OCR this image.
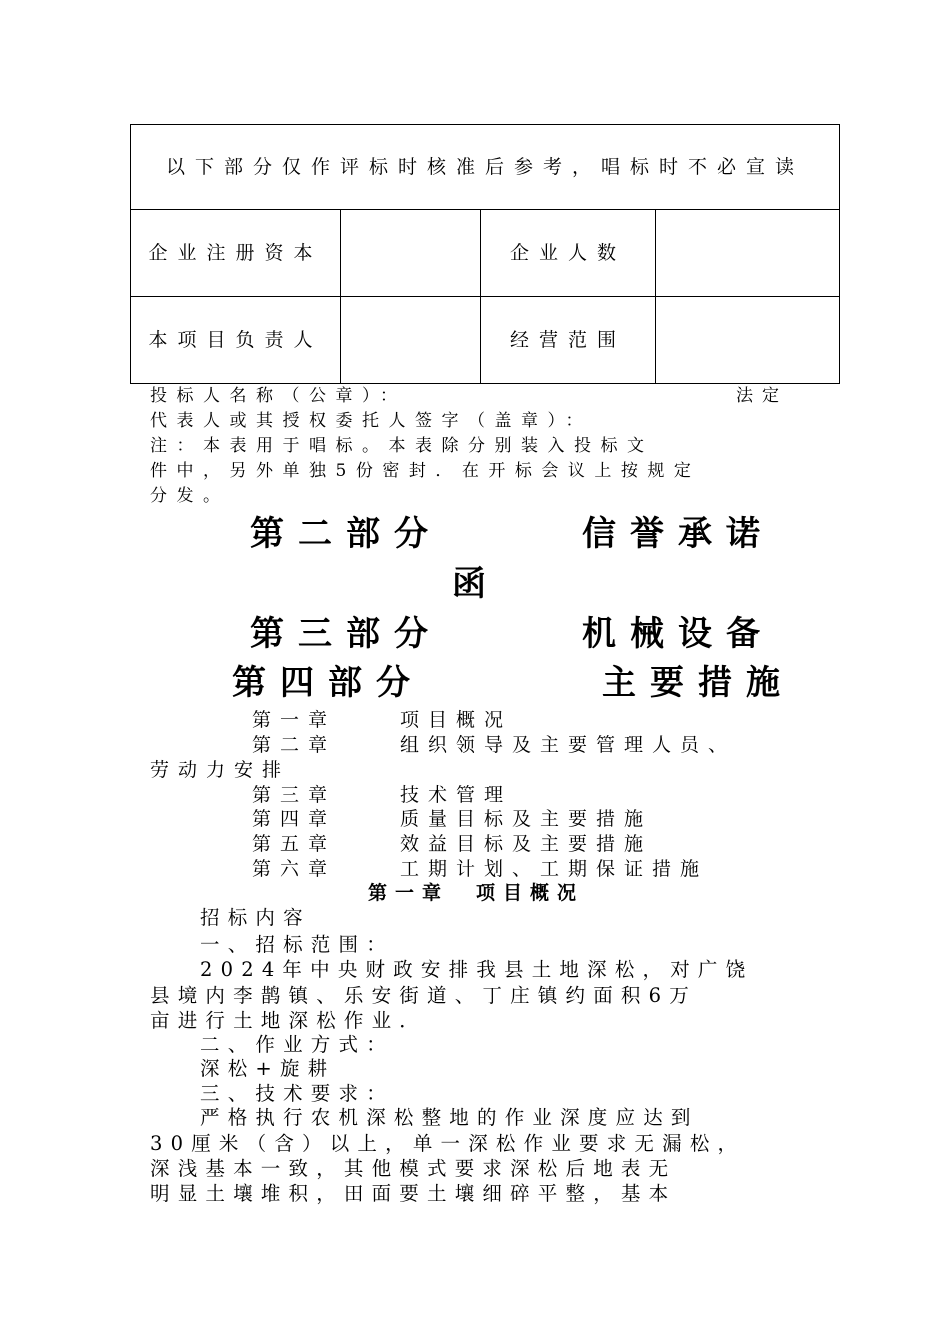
以下部分仅作评标时核准后参考，唱标时不必宣读			
企业注册资本		企业人数	
本项目负责人		经营范围	
投标人名称（公章）：	法定
代表人或其授权委托人签字（盖章）：
注：本表用于唱标。本表除分别装入投标文
件中，另外单独5份密封．在开标会议上按规定
分发。
第二部分	信誉承诺
函
第三部分	机械设备
第四部分	主要措施
第一章	项目概况
第二章	组织领导及主要管理人员、
劳动力安排
第三章	技术管理
第四章	质量目标及主要措施
第五章	效益目标及主要措施
第六章	工期计划、工期保证措施
第一章　项目概况
招标内容
一、招标范围：
2024年中央财政安排我县土地深松，对广饶
县境内李鹊镇、乐安街道、丁庄镇约面积6万
亩进行土地深松作业．
二、作业方式：
深松+旋耕
三、技术要求：
严格执行农机深松整地的作业深度应达到
30厘米（含）以上，单一深松作业要求无漏松，
深浅基本一致，其他模式要求深松后地表无
明显土壤堆积，田面要土壤细碎平整，基本
